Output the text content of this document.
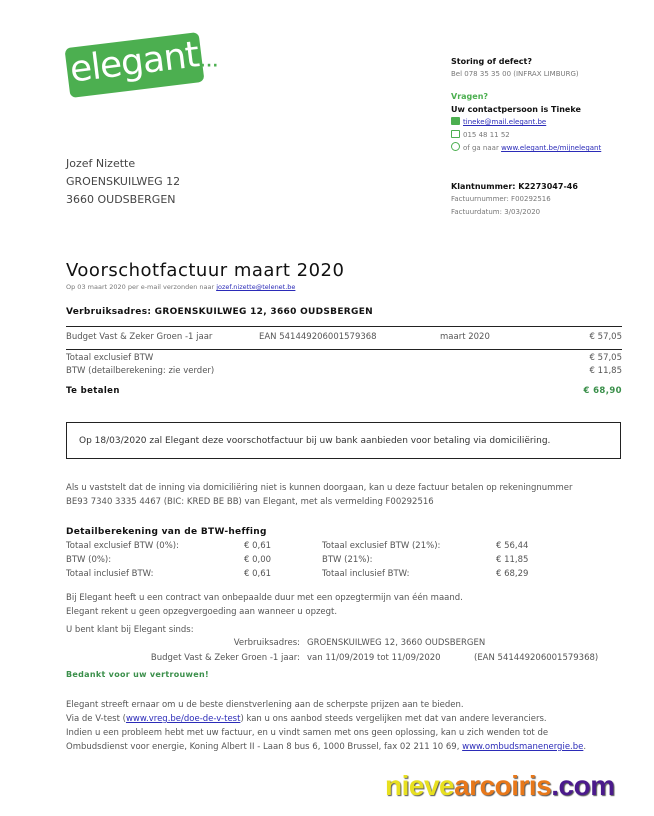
elegant ···	Storing of defect?
Bel 078 35 35 00 (INFRAX LIMBURG)
Vragen?
Uw contactpersoon is Tineke
tineke@mail.elegant.be
015 48 11 52
of ga naar www.elegant.be/mijnelegant
Klantnummer: K2273047-46
Factuurnummer: F00292516
Factuurdatum: 3/03/2020
Jozef Nizette
GROENSKUILWEG 12
3660 OUDSBERGEN
Voorschotfactuur maart 2020
Op 03 maart 2020 per e-mail verzonden naar jozef.nizette@telenet.be
Verbruiksadres: GROENSKUILWEG 12, 3660 OUDSBERGEN
Budget Vast & Zeker Groen -1 jaar	EAN 541449206001579368	maart 2020	€ 57,05
Totaal exclusief BTW	€ 57,05
BTW (detailberekening: zie verder)	€ 11,85
Te betalen	€ 68,90
Op 18/03/2020 zal Elegant deze voorschotfactuur bij uw bank aanbieden voor betaling via domiciliëring.
Als u vaststelt dat de inning via domiciliëring niet is kunnen doorgaan, kan u deze factuur betalen op rekeningnummer
BE93 7340 3335 4467 (BIC: KRED BE BB) van Elegant, met als vermelding F00292516
Detailberekening van de BTW-heffing
Totaal exclusief BTW (0%):	€ 0,61
BTW (0%):	€ 0,00
Totaal inclusief BTW:	€ 0,61
Totaal exclusief BTW (21%):	€ 56,44
BTW (21%):	€ 11,85
Totaal inclusief BTW:	€ 68,29
Bij Elegant heeft u een contract van onbepaalde duur met een opzegtermijn van één maand.
Elegant rekent u geen opzegvergoeding aan wanneer u opzegt.
U bent klant bij Elegant sinds:
Verbruiksadres: GROENSKUILWEG 12, 3660 OUDSBERGEN
Budget Vast & Zeker Groen -1 jaar: van 11/09/2019 tot 11/09/2020	(EAN 541449206001579368)
Bedankt voor uw vertrouwen!
Elegant streeft ernaar om u de beste dienstverlening aan de scherpste prijzen aan te bieden.
Via de V-test (www.vreg.be/doe-de-v-test) kan u ons aanbod steeds vergelijken met dat van andere leveranciers.
Indien u een probleem hebt met uw factuur, en u vindt samen met ons geen oplossing, kan u zich wenden tot de
Ombudsdienst voor energie, Koning Albert II - Laan 8 bus 6, 1000 Brussel, fax 02 211 10 69, www.ombudsmanenergie.be.
nievearcoiris.com
